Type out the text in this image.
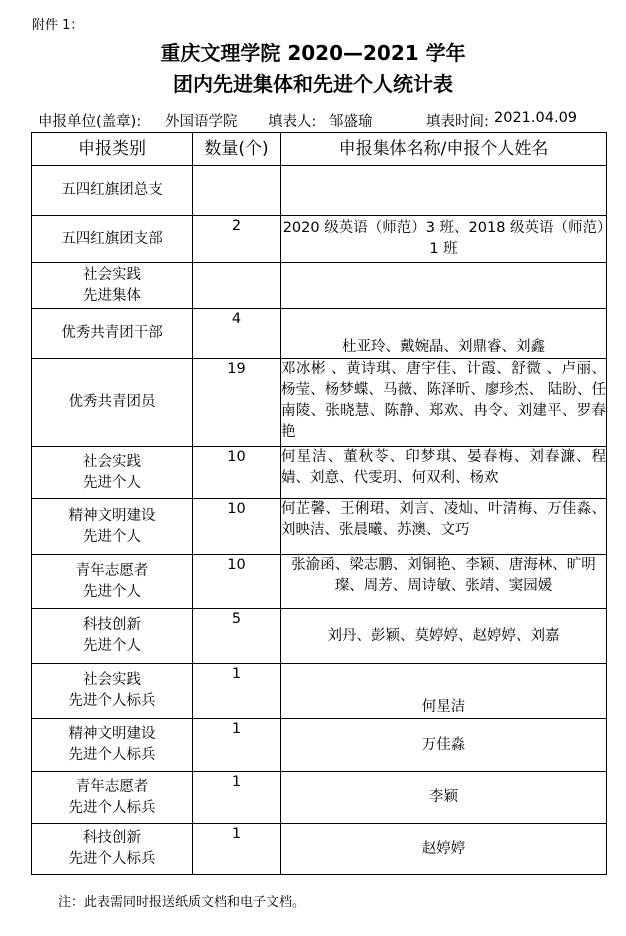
附件 1：
重庆文理学院 2020—2021 学年
团内先进集体和先进个人统计表
申报单位(盖章): 外国语学院 填表人: 邹盛瑜	填表时间: 2021.04.09
申报类别	数量(个)	申报集体名称/申报个人姓名
五四红旗团总支		
五四红旗团支部	2	2020 级英语（师范）3 班、2018 级英语（师范）1 班

社会实践
先进集体		

优秀共青团干部	4	杜亚玲、戴婉晶、刘鼎睿、刘鑫
优秀共青团员	19	邓冰彬 、黄诗琪、唐宇佳、计霞、舒微 、卢丽、杨莹、杨梦蝶、马薇、陈泽昕、廖珍杰、 陆盼、任南陵、张晓慧、陈静、郑欢、冉令、刘建平、罗春艳

社会实践
先进个人	10	何星洁、董秋苓、印梦琪、晏春梅、刘春濂、程婧、刘意、代雯玥、何双利、杨欢

精神文明建设
先进个人	10	何芷馨、王俐珺、刘言、凌灿、叶清梅、万佳淼、刘映洁、张晨曦、苏澳、文巧

青年志愿者
先进个人	10	张渝函、梁志鹏、刘铜艳、李颖、唐海林、旷明璨、周芳、周诗敏、张靖、窦园媛

科技创新
先进个人	5	刘丹、彭颖、莫婷婷、赵婷婷、刘嘉

社会实践
先进个人标兵	1	何星洁

精神文明建设
先进个人标兵	1	万佳淼

青年志愿者
先进个人标兵	1	李颖

科技创新
先进个人标兵	1	赵婷婷
注：此表需同时报送纸质文档和电子文档。
